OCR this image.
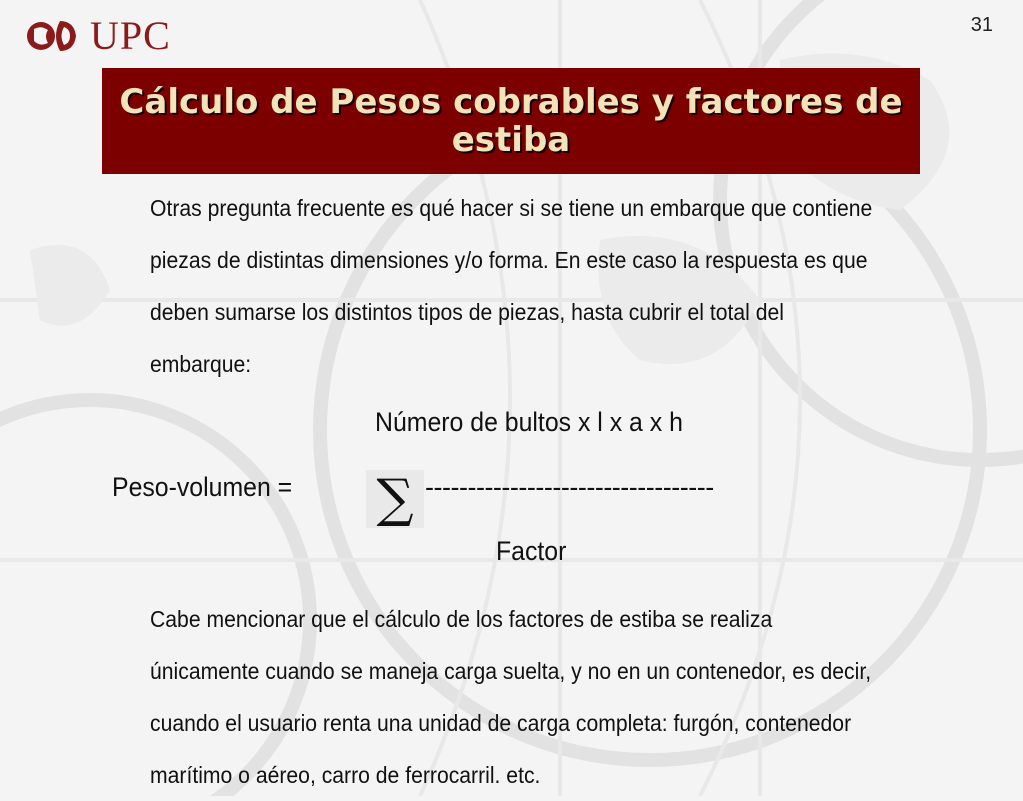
UPC	31
Cálculo de Pesos cobrables y factores de estiba
Otras pregunta frecuente es qué hacer si se tiene un embarque que contiene piezas de distintas dimensiones y/o forma. En este caso la respuesta es que deben sumarse los distintos tipos de piezas, hasta cubrir el total del embarque:
Número de bultos x l x a x h
Peso-volumen = ∑ ----------------------------------
Factor
Cabe mencionar que el cálculo de los factores de estiba se realiza únicamente cuando se maneja carga suelta, y no en un contenedor, es decir, cuando el usuario renta una unidad de carga completa: furgón, contenedor marítimo o aéreo, carro de ferrocarril. etc.
